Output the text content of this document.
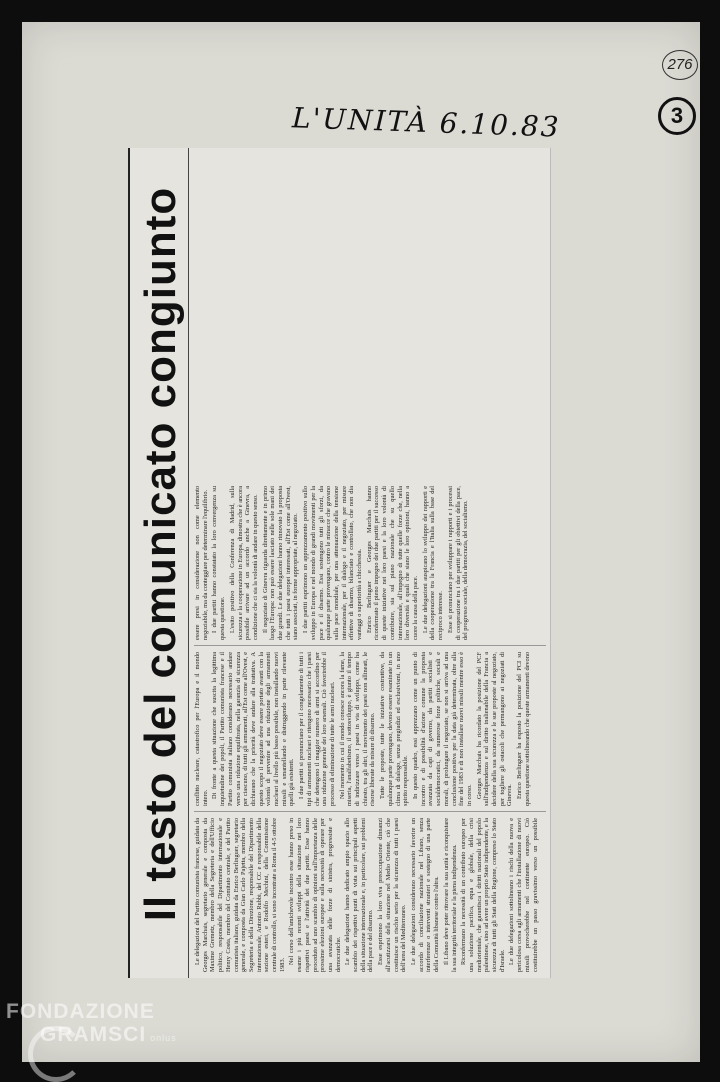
276
3
L'UNITÀ 6.10.83
Il testo del comunicato congiunto Le delegazioni del Partito comunista francese, guidata da Georges Marchais, segretario generale e composta da Maxime Gremetz, membro della Segreteria e dell'Ufficio politico, responsabile del Dipartimento internazionale e Henry Costa, membro del Comitato centrale, e del Partito comunista italiano, guidata da Enrico Berlinguer, segretario generale, e composta da Gian Carlo Pajetta, membro della Segreteria e della Direzione, responsabile del Dipartimento internazionale, Antonio Rubbi, del CC e responsabile della sezione esteri, e Rodolfo Mechini, della Commissione centrale di controllo, si sono incontrate a Roma il 4-5 ottobre 1983. Nel corso dell'amichevole incontro esse hanno preso in esame i più recenti sviluppi della situazione nei loro rispettivi paesi e l'attività dei due partiti. Esse hanno proceduto ad uno scambio di opinioni sull'importanza delle prossime elezioni europee e sulla necessità di operare per una avanzata delle forze di sinistra, progressiste e democratiche. Le due delegazioni hanno dedicato ampio spazio allo scambio dei rispettivi punti di vista sui principali aspetti della situazione internazionale e, in particolare, sui problemi della pace e del disarmo. Esse esprimono la loro viva preoccupazione dinnanzi all'acutizzarsi della situazione nel Medio Oriente, ciò che costituisce un rischio serio per la sicurezza di tutti i paesi dell'area del Mediterraneo. Le due delegazioni considerano necessario favorire un accordo di conciliazione nazionale nel Libano, senza interferenze o interventi stranieri e sostegno di una parte della Comunità libanese contro l'altra. Il Libano deve poter ritrovare la sua unità e riconquistare la sua integrità territoriale e la piena indipendenza. Riconfermano la necessità di un contributo europeo per una soluzione pacifica, equa e globale, della crisi mediorientale, che garantisca i diritti nazionali del popolo palestinese, sino ad avere un proprio Stato indipendente, e la sicurezza di tutti gli Stati della Regione, compreso lo Stato d'Israele. Le due delegazioni sottolineano i rischi della nuova e pericolosa corsa agli armamenti che l'installazione di nuovi missili provocherebbe nel continente europeo. Ciò costituirebbe un passo gravissimo verso un possibile conflitto nucleare, catastrofico per l'Europa e il mondo intero. Di fronte a questa situazione che suscita la legittima inquietudine dei popoli, il Partito comunista francese e il Partito comunista italiano considerano necessario andare verso una riduzione equilibrata, nella garanzia di sicurezza per ciascuno, di tutti gli armamenti, all'Est come all'Ovest, e dichiarano che la priorità deve andare alla trattativa. A questo scopo il negoziato deve essere portato avanti con la volontà di pervenire ad una riduzione degli armamenti nucleari al livello più basso possibile, non installando nuovi missili e smantellando e distruggendo in parte rilevante quelli già esistenti. I due partiti si pronunciano per il congelamento di tutti i tipi di armamenti nucleari e ritengono necessario che i paesi che detengono il maggior numero di armi si accordino per una riduzione generale dei loro arsenali. Ciò favorirebbe il processo di eliminazione di tutte le armi nucleari. Nel momento in cui il mondo conosce ancora la fame, la miseria, l'analfabetismo, il sottosviluppo, è giunto il tempo di indirizzare verso i paesi in via di sviluppo, come ha chiesto, tra gli altri, il movimento dei paesi non allineati, le risorse liberate da misure di disarmo. Tutte le proposte, tutte le iniziative costruttive, da qualunque parte provengano, devono essere esaminate in un clima di dialogo, senza pregiudizi ed esclusivismi, in uno spirito responsabile. In questo quadro, essi apprezzano come un punto di incontro e di possibilità d'azione comune la proposta avanzata da capi di governo, da partiti socialisti e socialdemocratici, da numerose forze politiche, sociali e morali, di prolungare il negoziato, se non si arriva ad una conclusione positiva per la data già determinata, oltre alla fine del 1983 e di non installare nuovi missili mentre esso è in corso. Georges Marchais ha ricordato la posizione del PCF sull'indipendenza e sul diritto inalienabile della Francia a decidere della sua sicurezza e le sue proposte al negoziato, per togliere gli ostacoli che permangono ai negoziati di Ginevra. Enrico Berlinguer ha esposto la posizione del PCI su questa questione sottolineando che queste armamenti devono essere presi in considerazione non come elemento negoziabile, ma da conteggiare per determinare l'equilibrio. I due partiti hanno constatato la loro convergenza su questa questione. L'esito positivo della Conferenza di Madrid, sulla sicurezza e la cooperazione in Europa, dimostra che è ancora possibile arrivare ad un accordo anche a Ginevra, a condizione che ci sia la volontà di andare in questo senso. Il negoziato di Ginevra riguarda direttamente e in primo luogo l'Europa: non può essere lasciato nelle sole mani dei due grandi. Le due delegazioni hanno rinnovato la proposta che tutti i paesi europei interessati, all'Est come all'Ovest, siano associati, in forme appropriate, al negoziato. I due partiti esprimono un apprezzamento positivo sullo sviluppo in Europa e nel mondo di grandi movimenti per la pace e il disarmo. Essi sostengono tutti gli sforzi, da qualunque parte provengano, contro le minacce che gravano sulla pace mondiale, per una attenuazione della tensione internazionale, per il dialogo e il negoziato, per misure effettive di disarmo, bilanciato e controllato, che non dia vantaggi o superiorità a chicchessia. Enrico Berlinguer e Georges Marchais hanno riconfermato il pieno impegno dei due partiti per il successo di queste iniziative nei loro paesi e la loro volontà di contribuire, sia sul piano nazionale che su quello internazionale, all'impegno di tutte quelle forze che, nella loro diversità e quali che siano le loro opinioni, hanno a cuore la causa della pace. Le due delegazioni auspicano lo sviluppo dei rapporti e della cooperazione tra la Francia e l'Italia sulla base del reciproco interesse. Esse si pronunciano per sviluppare i rapporti e i processi di cooperazione tra i due partiti per gli obiettivi della pace, del progresso sociale, della democrazia, del socialismo.

FONDAZIONE
GRAMSCI onlus
